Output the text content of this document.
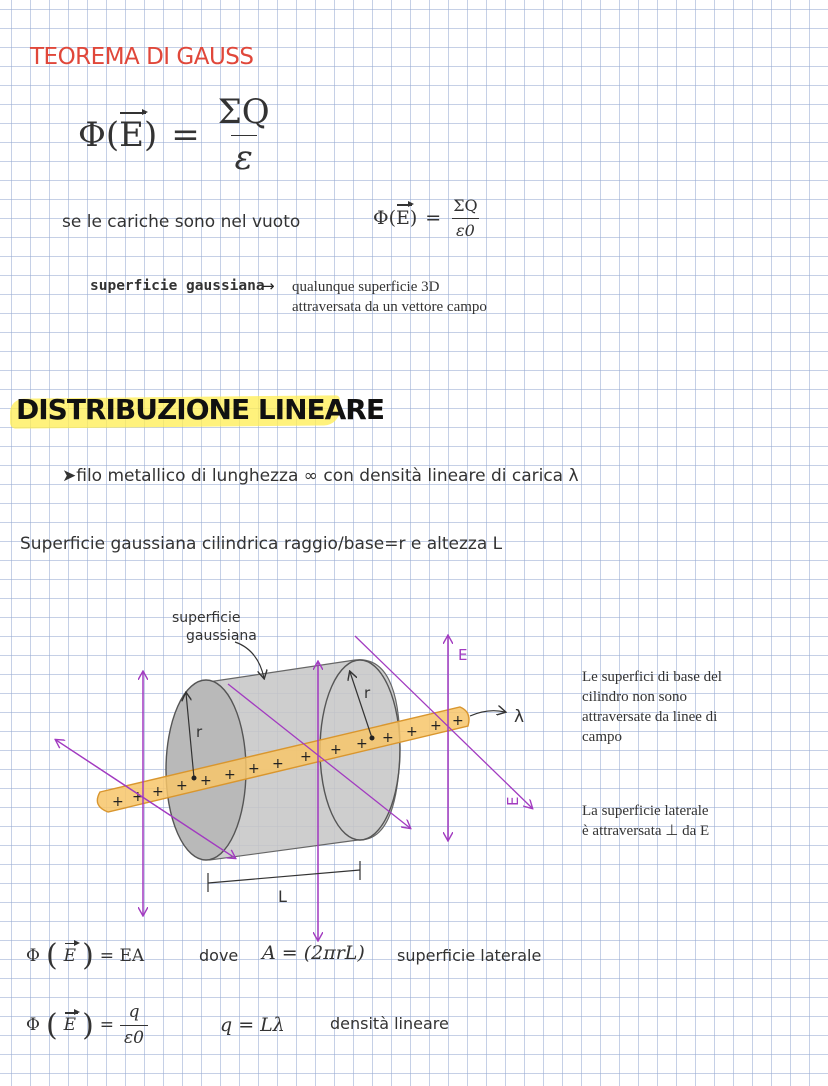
TEOREMA DI GAUSS
$\Phi(E) = \frac{\Sigma Q}{\varepsilon}$
se le cariche sono nel vuoto	$\Phi(E) = \frac{\Sigma Q}{\varepsilon 0}$
superficie gaussiana
→ qualunque superficie 3D
attraversata da un vettore campo
DISTRIBUZIONE LINEARE
➤filo metallico di lunghezza ∞ con densità lineare di carica λ
Superficie gaussiana cilindrica raggio/base=r e altezza L
+ + + + + + + + + + + + + + +
superficie
gaussiana
r
r
L
λ
E
E
Le superfici di base del
cilindro non sono
attraversate da linee di
campo
La superficie laterale
è attraversata ⊥ da E
Φ ( E ) = EA	dove A = (2πrL) superficie laterale
Φ ( E ) = $\frac{q}{\varepsilon 0}$	q = Lλ	densità lineare
